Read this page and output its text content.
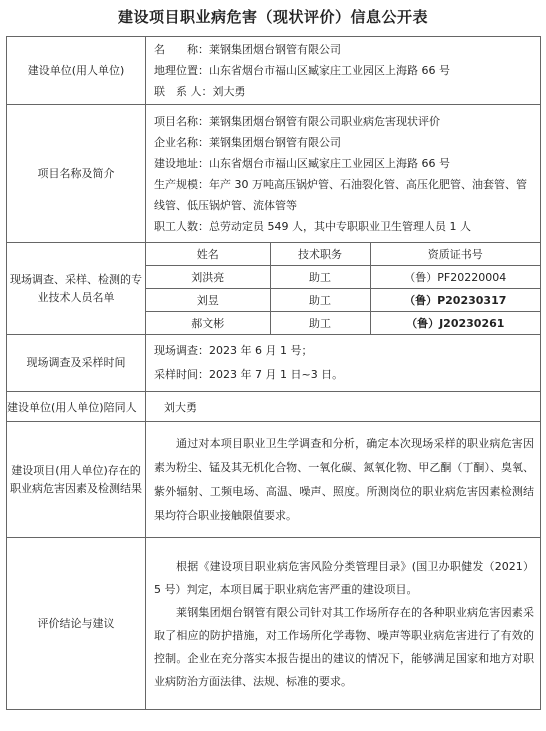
建设项目职业病危害（现状评价）信息公开表
建设单位(用人单位)	
名　　称：莱钢集团烟台钢管有限公司
地理位置：山东省烟台市福山区臧家庄工业园区上海路 66 号
联　系 人：刘大勇

项目名称及简介	
项目名称：莱钢集团烟台钢管有限公司职业病危害现状评价
企业名称：莱钢集团烟台钢管有限公司
建设地址：山东省烟台市福山区臧家庄工业园区上海路 66 号
生产规模：年产 30 万吨高压锅炉管、石油裂化管、高压化肥管、油套管、管线管、低压锅炉管、流体管等
职工人数：总劳动定员 549 人，其中专职职业卫生管理人员 1 人

现场调查、采样、检测的专业技术人员名单	
姓名	技术职务	资质证书号
刘洪亮	助工	（鲁）PF20220004
刘昱	助工	（鲁）P20230317
郝文彬	助工	（鲁）J20230261

现场调查及采样时间	
现场调查：2023 年 6 月 1 号；
采样时间：2023 年 7 月 1 日~3 日。

建设单位(用人单位)陪同人	刘大勇

建设项目(用人单位)存在的职业病危害因素及检测结果	

通过对本项目职业卫生学调查和分析，确定本次现场采样的职业病危害因素为粉尘、锰及其无机化合物、一氧化碳、氮氧化物、甲乙酮（丁酮）、臭氧、紫外辐射、工频电场、高温、噪声、照度。所测岗位的职业病危害因素检测结果均符合职业接触限值要求。

评价结论与建议	

根据《建设项目职业病危害风险分类管理目录》(国卫办职健发（2021）5 号）判定，本项目属于职业病危害严重的建设项目。

莱钢集团烟台钢管有限公司针对其工作场所存在的各种职业病危害因素采取了相应的防护措施，对工作场所化学毒物、噪声等职业病危害进行了有效的控制。企业在充分落实本报告提出的建议的情况下，能够满足国家和地方对职业病防治方面法律、法规、标准的要求。
